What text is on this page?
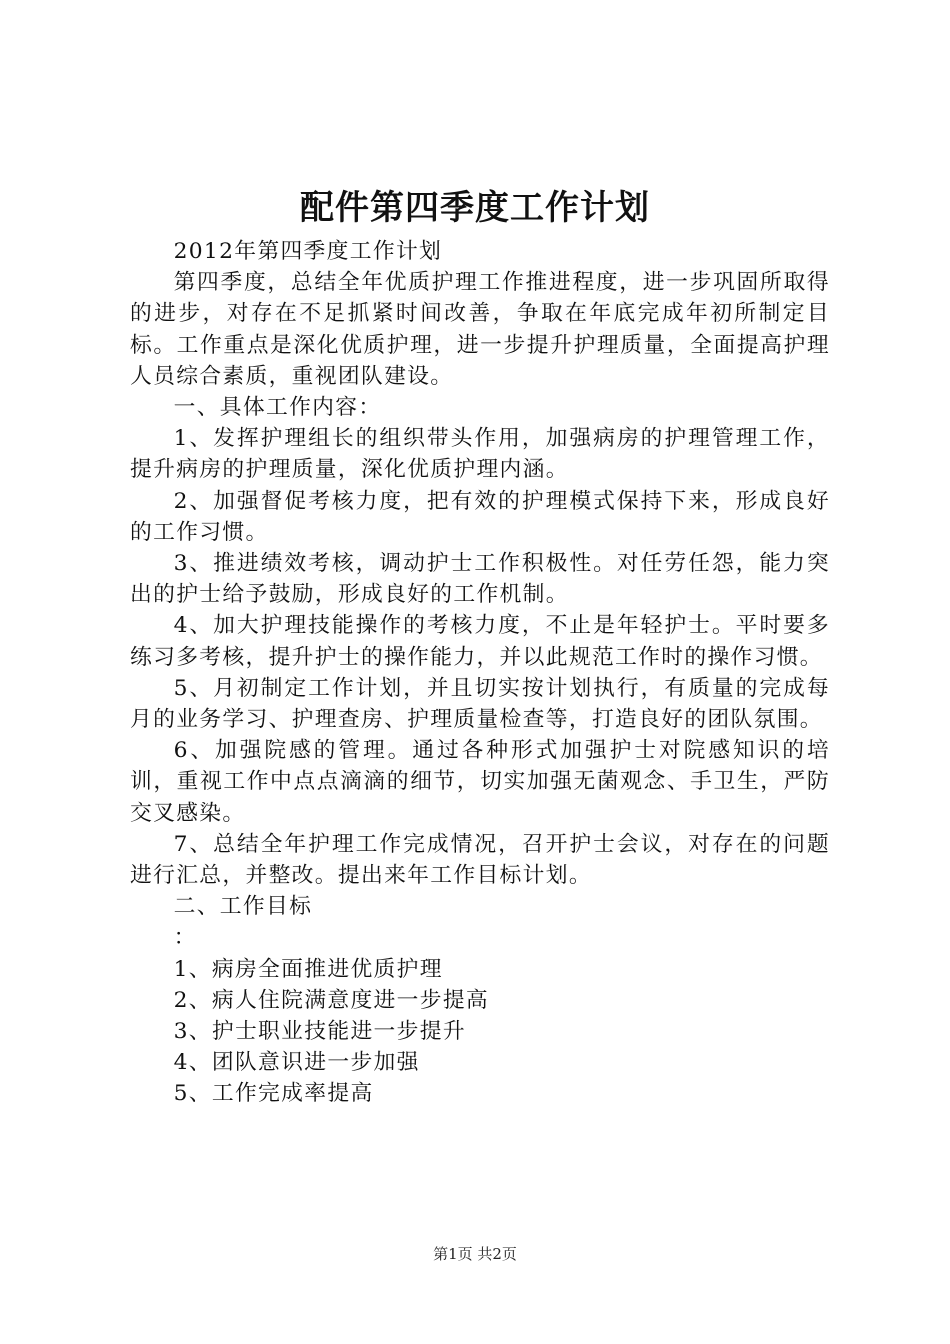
配件第四季度工作计划

2012年第四季度工作计划

第四季度，总结全年优质护理工作推进程度，进一步巩固所取得的进步，对存在不足抓紧时间改善，争取在年底完成年初所制定目标。工作重点是深化优质护理，进一步提升护理质量，全面提高护理人员综合素质，重视团队建设。

一、具体工作内容：

1、发挥护理组长的组织带头作用，加强病房的护理管理工作，提升病房的护理质量，深化优质护理内涵。

2、加强督促考核力度，把有效的护理模式保持下来，形成良好的工作习惯。

3、推进绩效考核，调动护士工作积极性。对任劳任怨，能力突出的护士给予鼓励，形成良好的工作机制。

4、加大护理技能操作的考核力度，不止是年轻护士。平时要多练习多考核，提升护士的操作能力，并以此规范工作时的操作习惯。

5、月初制定工作计划，并且切实按计划执行，有质量的完成每月的业务学习、护理查房、护理质量检查等，打造良好的团队氛围。

6、加强院感的管理。通过各种形式加强护士对院感知识的培训，重视工作中点点滴滴的细节，切实加强无菌观念、手卫生，严防交叉感染。

7、总结全年护理工作完成情况，召开护士会议，对存在的问题进行汇总，并整改。提出来年工作目标计划。

二、工作目标

：

1、病房全面推进优质护理

2、病人住院满意度进一步提高

3、护士职业技能进一步提升

4、团队意识进一步加强

5、工作完成率提高

第1页 共2页
